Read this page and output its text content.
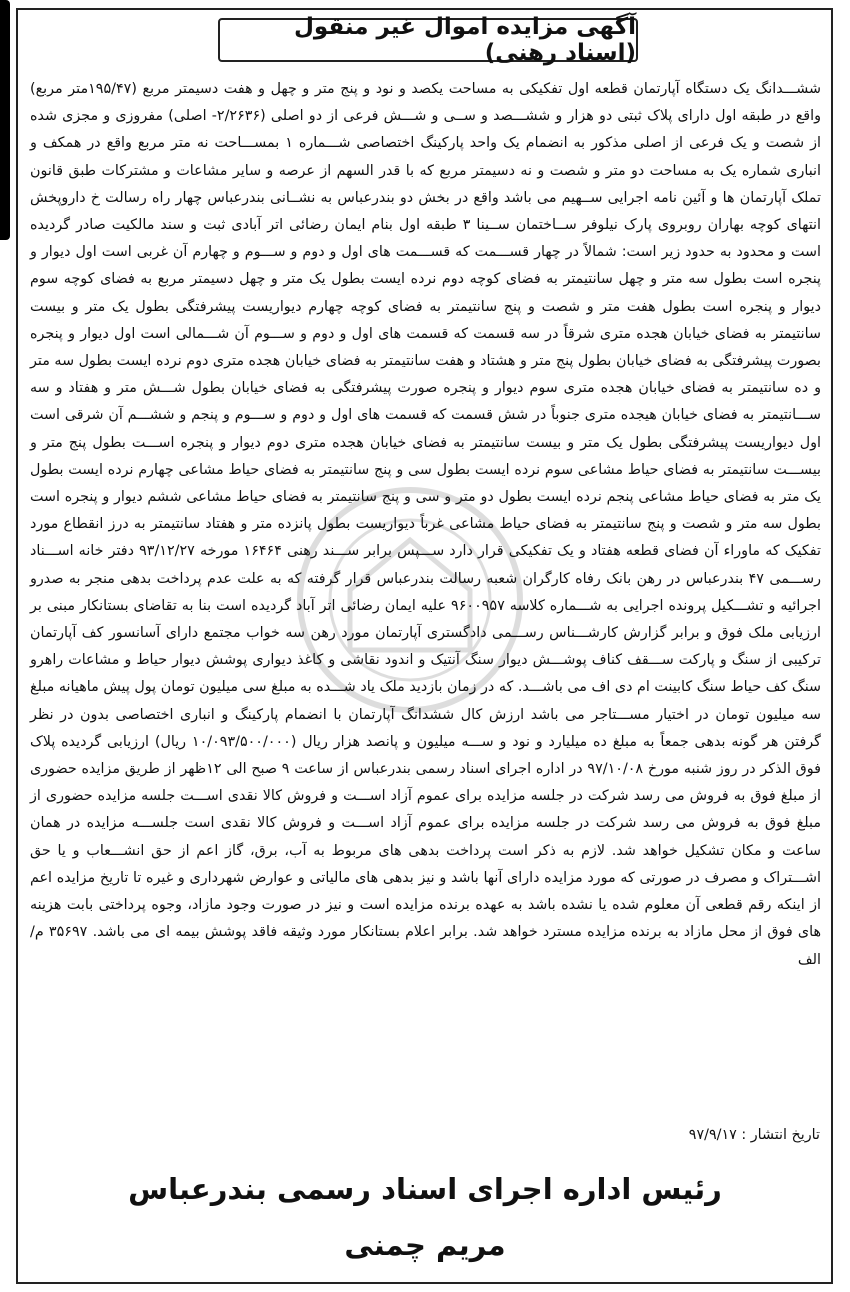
آگهی مزایده اموال غیر منقول (اسناد رهنی)
ششـــدانگ یک دستگاه آپارتمان قطعه اول تفکیکی به مساحت یکصد و نود و پنج متر و چهل و هفت دسیمتر مربع (۱۹۵/۴۷متر مربع) واقع در طبقه اول دارای پلاک ثبتی دو هزار و ششـــصد و ســی و شـــش فرعی از دو اصلی (۲/۲۶۳۶- اصلی) مفروزی و مجزی شده از شصت و یک فرعی از اصلی مذکور به انضمام یک واحد پارکینگ اختصاصی شـــماره ۱ بمســـاحت نه متر مربع واقع در همکف و انباری شماره یک به مساحت دو متر و شصت و نه دسیمتر مربع که با قدر السهم از عرصه و سایر مشاعات و مشترکات طبق قانون تملک آپارتمان ها و آئین نامه اجرایی ســهیم می باشد واقع در بخش دو بندرعباس به نشــانی بندرعباس چهار راه رسالت خ داروپخش انتهای کوچه بهاران روبروی پارک نیلوفر ســاختمان ســینا ۳ طبقه اول بنام ایمان رضائی اتر آبادی ثبت و سند مالکیت صادر گردیده است و محدود به حدود زیر است: شمالاً در چهار قســـمت که قســـمت های اول و دوم و ســـوم و چهارم آن غربی است اول دیوار و پنجره است بطول سه متر و چهل سانتیمتر به فضای کوچه دوم نرده ایست بطول یک متر و چهل دسیمتر مربع به فضای کوچه سوم دیوار و پنجره است بطول هفت متر و شصت و پنج سانتیمتر به فضای کوچه چهارم دیواریست پیشرفتگی بطول یک متر و بیست سانتیمتر به فضای خیابان هجده متری شرقاً در سه قسمت که قسمت های اول و دوم و ســـوم آن شـــمالی است اول دیوار و پنجره بصورت پیشرفتگی به فضای خیابان بطول پنج متر و هشتاد و هفت سانتیمتر به فضای خیابان هجده متری دوم نرده ایست بطول سه متر و ده سانتیمتر به فضای خیابان هجده متری سوم دیوار و پنجره صورت پیشرفتگی به فضای خیابان بطول شـــش متر و هفتاد و سه ســـانتیمتر به فضای خیابان هیجده متری جنوباً در شش قسمت که قسمت های اول و دوم و ســـوم و پنجم و ششـــم آن شرقی است اول دیواریست پیشرفتگی بطول یک متر و بیست سانتیمتر به فضای خیابان هجده متری دوم دیوار و پنجره اســـت بطول پنج متر و بیســـت سانتیمتر به فضای حیاط مشاعی سوم نرده ایست بطول سی و پنج سانتیمتر به فضای حیاط مشاعی چهارم نرده ایست بطول یک متر به فضای حیاط مشاعی پنجم نرده ایست بطول دو متر و سی و پنج سانتیمتر به فضای حیاط مشاعی ششم دیوار و پنجره است بطول سه متر و شصت و پنج سانتیمتر به فضای حیاط مشاعی غرباً دیواریست بطول پانزده متر و هفتاد سانتیمتر به درز انقطاع مورد تفکیک که ماوراء آن فضای قطعه هفتاد و یک تفکیکی قرار دارد ســـپس برابر ســـند رهنی ۱۶۴۶۴ مورخه ۹۳/۱۲/۲۷ دفتر خانه اســـناد رســـمی ۴۷ بندرعباس در رهن بانک رفاه کارگران شعبه رسالت بندرعباس قرار گرفته که به علت عدم پرداخت بدهی منجر به صدرو اجرائیه و تشـــکیل پرونده اجرایی به شـــماره کلاسه ۹۶۰۰۹۵۷ علیه ایمان رضائی اتر آباد گردیده است بنا به تقاضای بستانکار مبنی بر ارزیابی ملک فوق و برابر گزارش کارشـــناس رســـمی دادگستری آپارتمان مورد رهن سه خواب مجتمع دارای آسانسور کف آپارتمان ترکیبی از سنگ و پارکت ســـقف کناف پوشـــش دیوار سنگ آنتیک و اندود نقاشی و کاغذ دیواری پوشش دیوار حیاط و مشاعات راهرو سنگ کف حیاط سنگ کابینت ام دی اف می باشـــد. که در زمان بازدید ملک یاد شـــده به مبلغ سی میلیون تومان پول پیش ماهیانه مبلغ سه میلیون تومان در اختیار مســـتاجر می باشد ارزش کال ششدانگ آپارتمان با انضمام پارکینگ و انباری اختصاصی بدون در نظر گرفتن هر گونه بدهی جمعاً به مبلغ ده میلیارد و نود و ســـه میلیون و پانصد هزار ریال (۱۰/۰۹۳/۵۰۰/۰۰۰ ریال) ارزیابی گردیده پلاک فوق الذکر در روز شنبه مورخ ۹۷/۱۰/۰۸ در اداره اجرای اسناد رسمی بندرعباس از ساعت ۹ صبح الی ۱۲ظهر از طریق مزایده حضوری از مبلغ فوق به فروش می رسد شرکت در جلسه مزایده برای عموم آزاد اســـت و فروش کالا نقدی اســـت جلسه مزایده حضوری از مبلغ فوق به فروش می رسد شرکت در جلسه مزایده برای عموم آزاد اســـت و فروش کالا نقدی است جلســـه مزایده در همان ساعت و مکان تشکیل خواهد شد. لازم به ذکر است پرداخت بدهی های مربوط به آب، برق، گاز اعم از حق انشـــعاب و یا حق اشـــتراک و مصرف در صورتی که مورد مزایده دارای آنها باشد و نیز بدهی های مالیاتی و عوارض شهرداری و غیره تا تاریخ مزایده اعم از اینکه رقم قطعی آن معلوم شده یا نشده باشد به عهده برنده مزایده است و نیز در صورت وجود مازاد، وجوه پرداختی بابت هزینه های فوق از محل مازاد به برنده مزایده مسترد خواهد شد. برابر اعلام بستانکار مورد وثیقه فاقد پوشش بیمه ای می باشد. ۳۵۶۹۷ م/ الف
تاریخ انتشار : ۹۷/۹/۱۷
رئیس اداره اجرای اسناد رسمی بندرعباس
مریم چمنی
